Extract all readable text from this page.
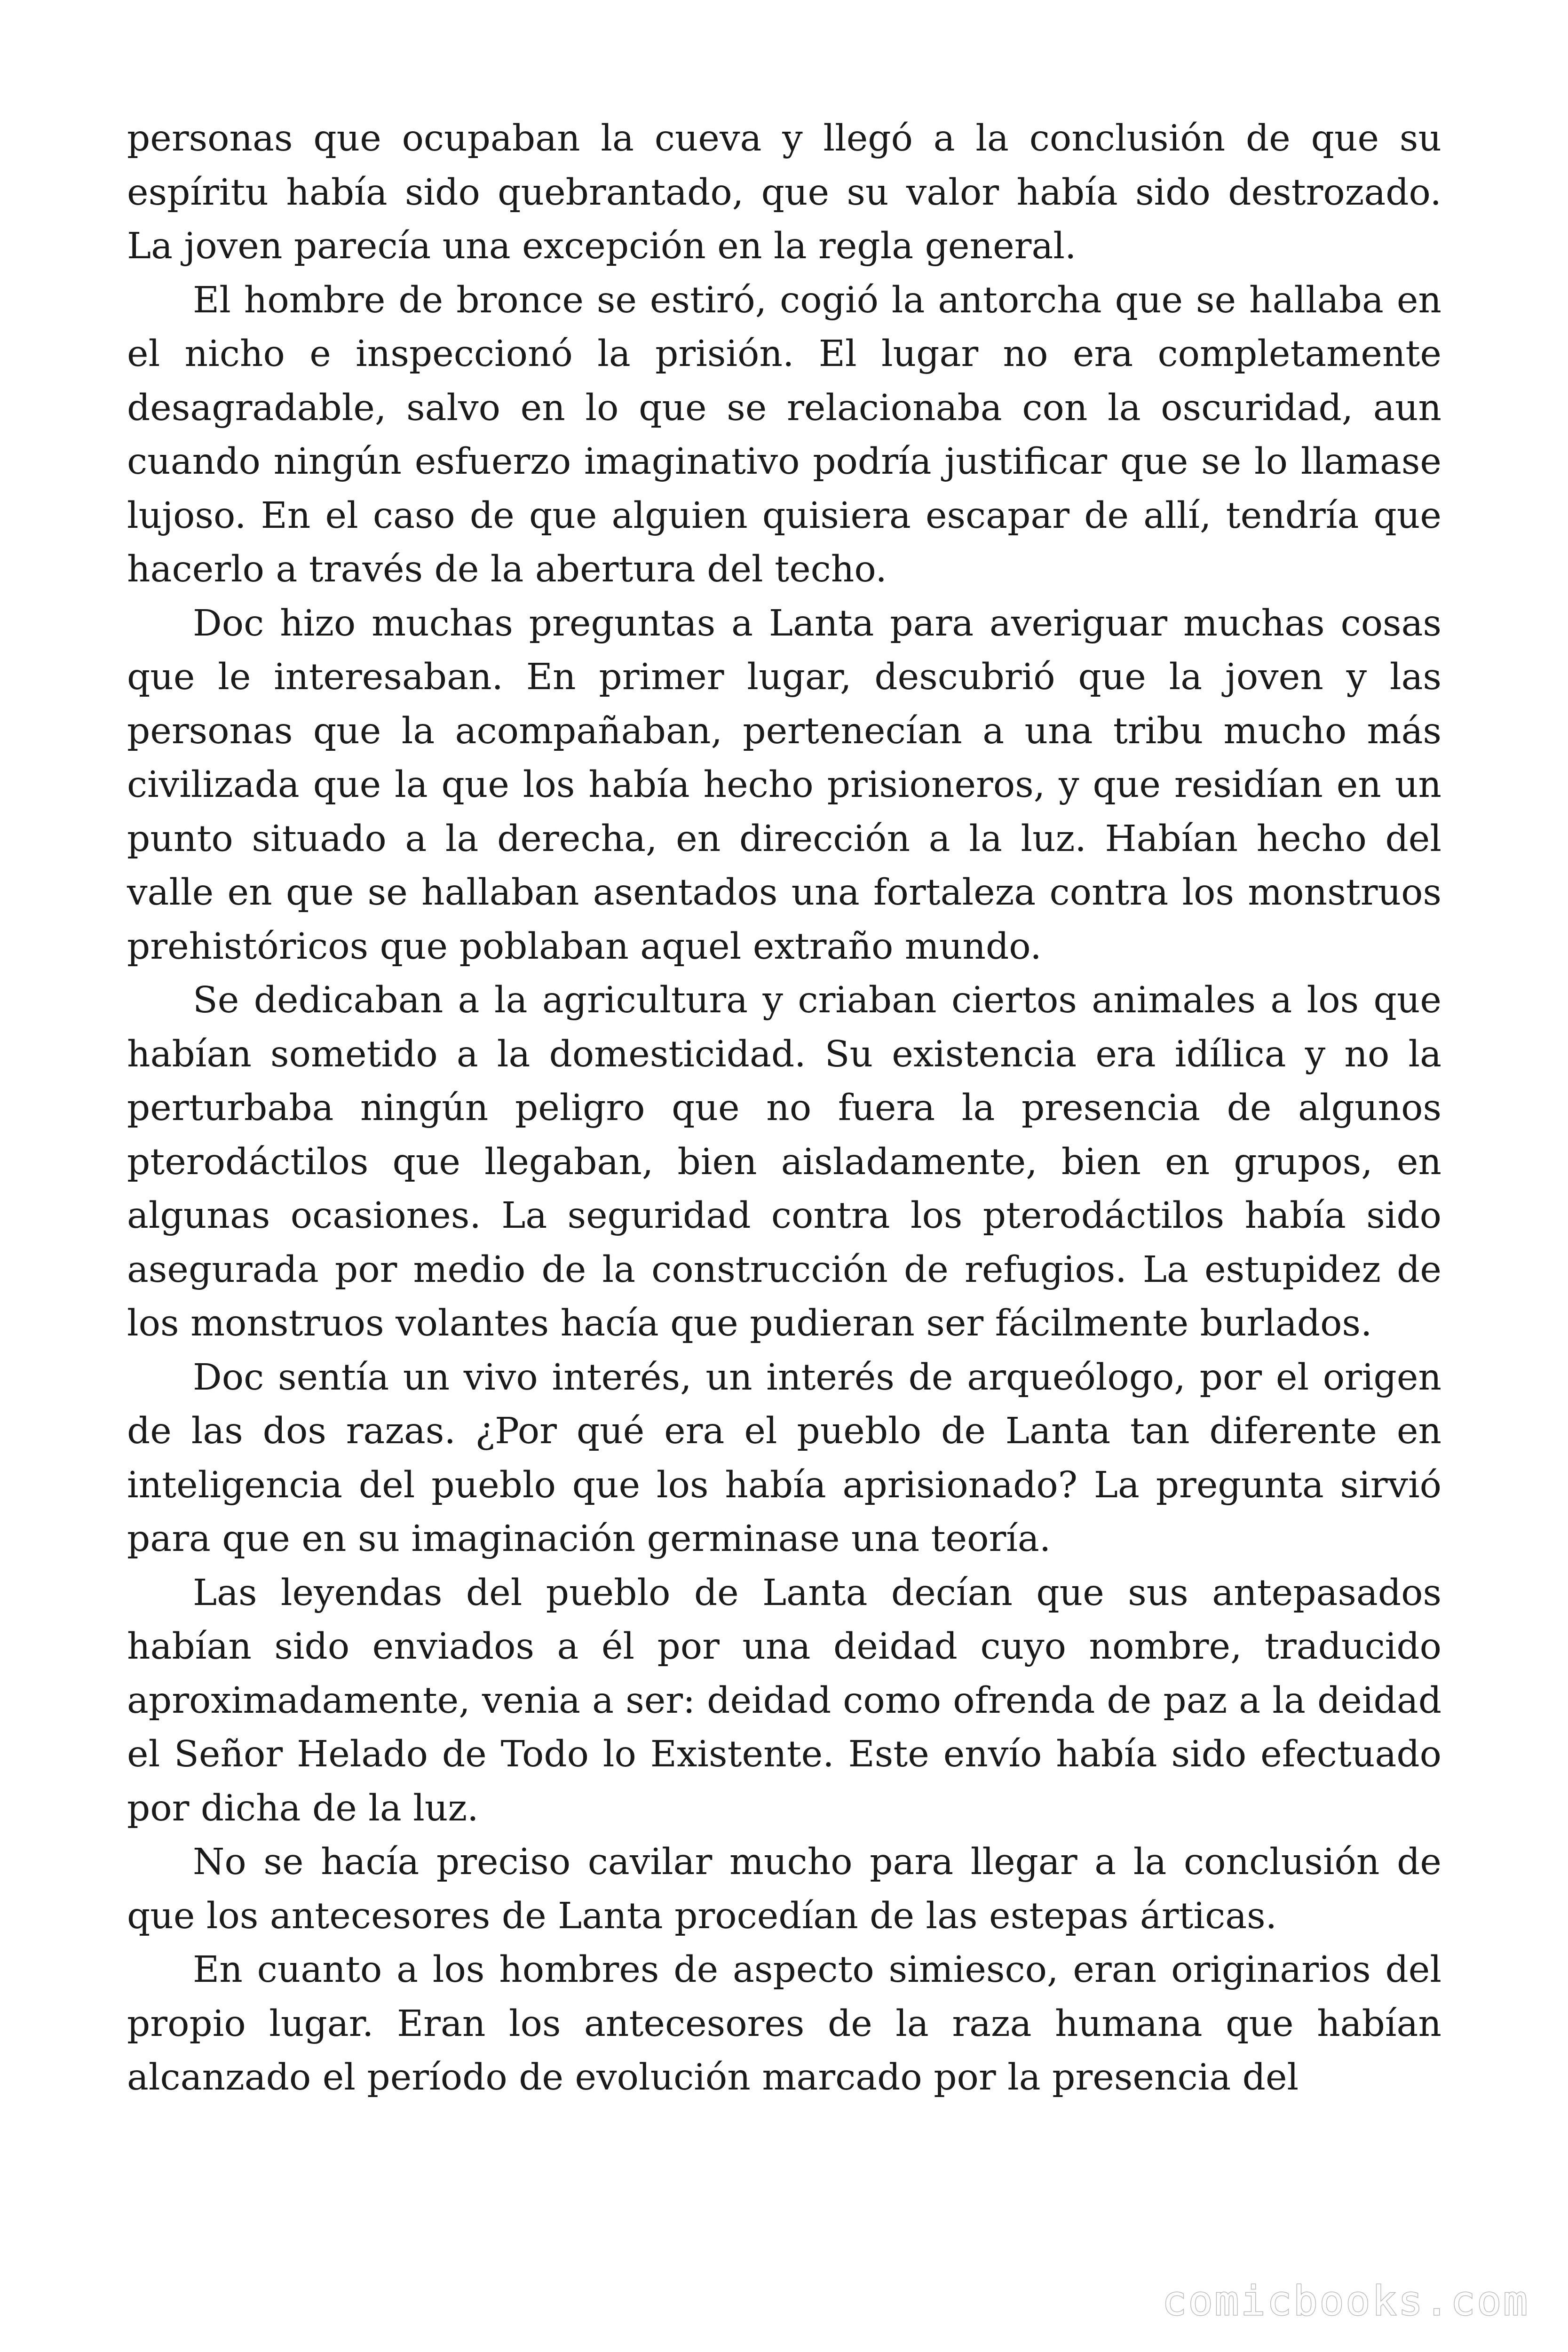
personas que ocupaban la cueva y llegó a la conclusión de que su espíritu había sido quebrantado, que su valor había sido destrozado. La joven parecía una excepción en la regla general.

El hombre de bronce se estiró, cogió la antorcha que se hallaba en el nicho e inspeccionó la prisión. El lugar no era completamente desagradable, salvo en lo que se relacionaba con la oscuridad, aun cuando ningún esfuerzo imaginativo podría justificar que se lo llamase lujoso. En el caso de que alguien quisiera escapar de allí, tendría que hacerlo a través de la abertura del techo.

Doc hizo muchas preguntas a Lanta para averiguar muchas cosas que le interesaban. En primer lugar, descubrió que la joven y las personas que la acompañaban, pertenecían a una tribu mucho más civilizada que la que los había hecho prisioneros, y que residían en un punto situado a la derecha, en dirección a la luz. Habían hecho del valle en que se hallaban asentados una fortaleza contra los monstruos prehistóricos que poblaban aquel extraño mundo.

Se dedicaban a la agricultura y criaban ciertos animales a los que habían sometido a la domesticidad. Su existencia era idílica y no la perturbaba ningún peligro que no fuera la presencia de algunos pterodáctilos que llegaban, bien aisladamente, bien en grupos, en algunas ocasiones. La seguridad contra los pterodáctilos había sido asegurada por medio de la construcción de refugios. La estupidez de los monstruos volantes hacía que pudieran ser fácilmente burlados.

Doc sentía un vivo interés, un interés de arqueólogo, por el origen de las dos razas. ¿Por qué era el pueblo de Lanta tan diferente en inteligencia del pueblo que los había aprisionado? La pregunta sirvió para que en su imaginación germinase una teoría.

Las leyendas del pueblo de Lanta decían que sus antepasados habían sido enviados a él por una deidad cuyo nombre, traducido aproximadamente, venia a ser: deidad como ofrenda de paz a la deidad el Señor Helado de Todo lo Existente. Este envío había sido efectuado por dicha de la luz.

No se hacía preciso cavilar mucho para llegar a la conclusión de que los antecesores de Lanta procedían de las estepas árticas.

En cuanto a los hombres de aspecto simiesco, eran originarios del propio lugar. Eran los antecesores de la raza humana que habían alcanzado el período de evolución marcado por la presencia del

comicbooks.com
